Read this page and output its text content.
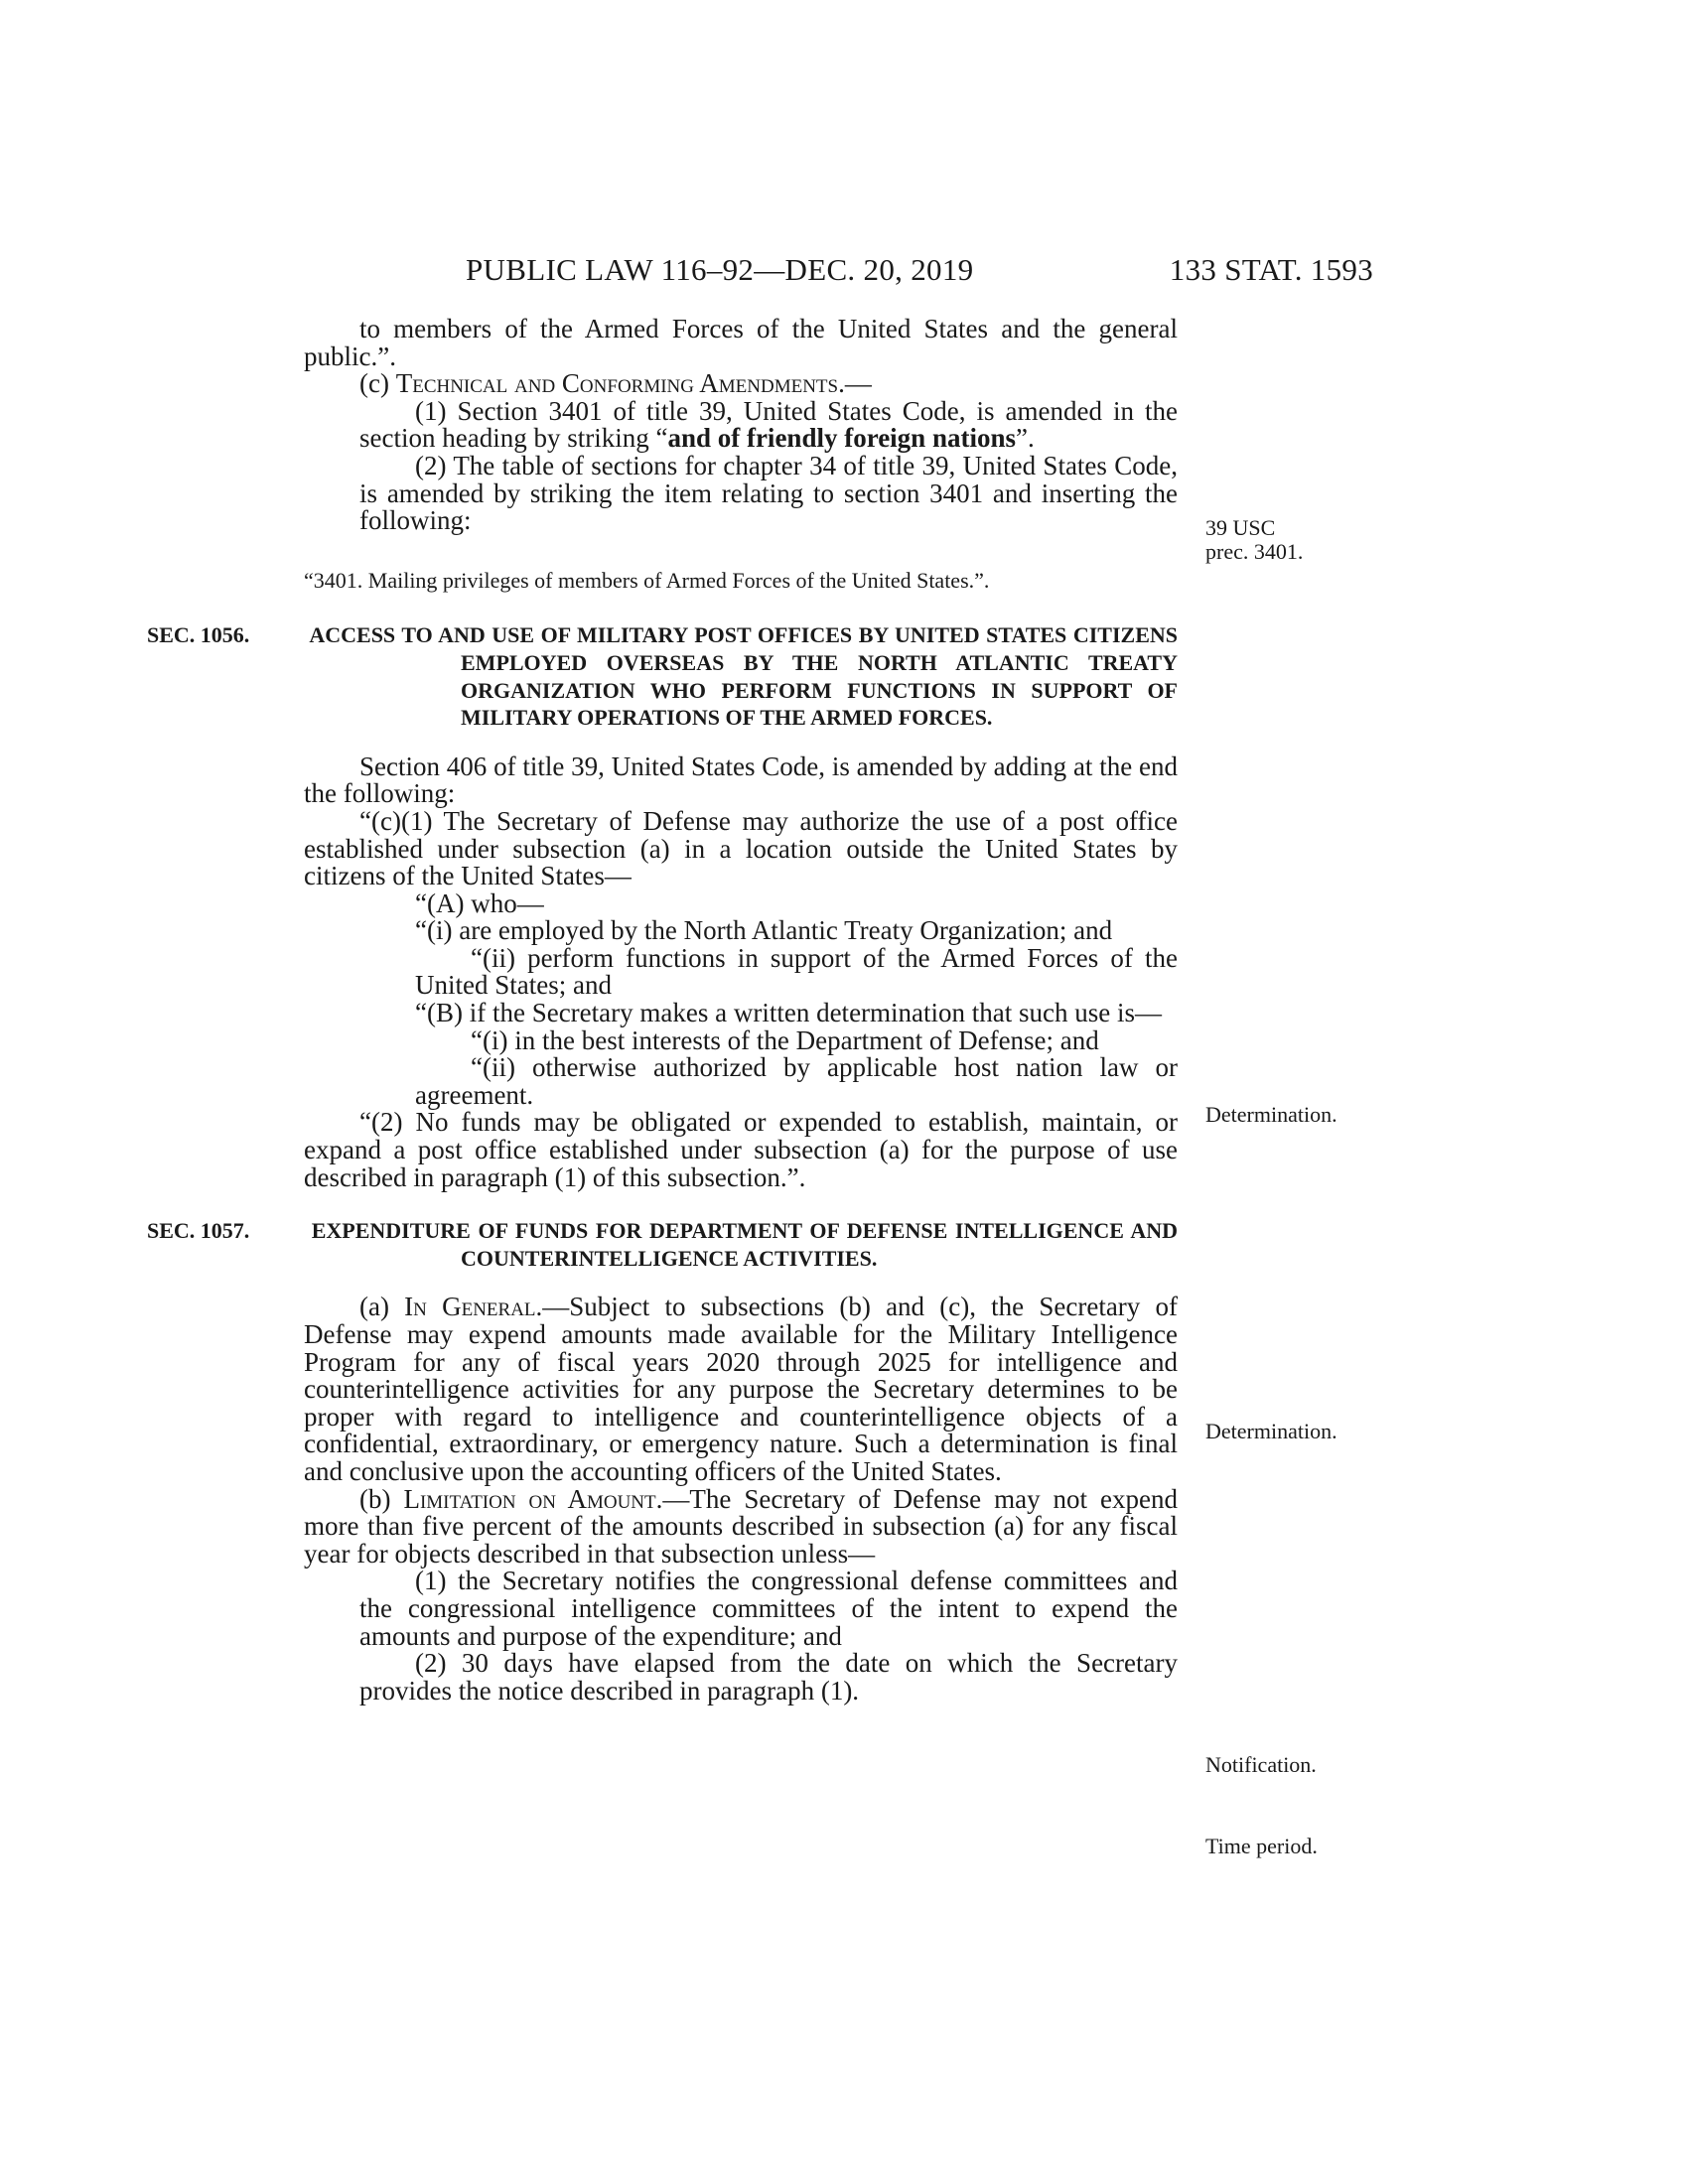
PUBLIC LAW 116–92—DEC. 20, 2019	133 STAT. 1593

to members of the Armed Forces of the United States and the general public.”.

(c) Technical and Conforming Amendments.—

(1) Section 3401 of title 39, United States Code, is amended in the section heading by striking “and of friendly foreign nations”.

(2) The table of sections for chapter 34 of title 39, United States Code, is amended by striking the item relating to section 3401 and inserting the following:

“3401. Mailing privileges of members of Armed Forces of the United States.”.

SEC. 1056.	ACCESS TO AND USE OF MILITARY POST OFFICES BY UNITED STATES CITIZENS EMPLOYED OVERSEAS BY THE NORTH ATLANTIC TREATY ORGANIZATION WHO PERFORM FUNCTIONS IN SUPPORT OF MILITARY OPERATIONS OF THE ARMED FORCES.

Section 406 of title 39, United States Code, is amended by adding at the end the following:

“(c)(1) The Secretary of Defense may authorize the use of a post office established under subsection (a) in a location outside the United States by citizens of the United States—

“(A) who—

“(i) are employed by the North Atlantic Treaty Organization; and

“(ii) perform functions in support of the Armed Forces of the United States; and

“(B) if the Secretary makes a written determination that such use is—

“(i) in the best interests of the Department of Defense; and

“(ii) otherwise authorized by applicable host nation law or agreement.

“(2) No funds may be obligated or expended to establish, maintain, or expand a post office established under subsection (a) for the purpose of use described in paragraph (1) of this subsection.”.

SEC. 1057.	EXPENDITURE OF FUNDS FOR DEPARTMENT OF DEFENSE INTELLIGENCE AND COUNTERINTELLIGENCE ACTIVITIES.

(a) In General.—Subject to subsections (b) and (c), the Secretary of Defense may expend amounts made available for the Military Intelligence Program for any of fiscal years 2020 through 2025 for intelligence and counterintelligence activities for any purpose the Secretary determines to be proper with regard to intelligence and counterintelligence objects of a confidential, extraordinary, or emergency nature. Such a determination is final and conclusive upon the accounting officers of the United States.

(b) Limitation on Amount.—The Secretary of Defense may not expend more than five percent of the amounts described in subsection (a) for any fiscal year for objects described in that subsection unless—

(1) the Secretary notifies the congressional defense committees and the congressional intelligence committees of the intent to expend the amounts and purpose of the expenditure; and

(2) 30 days have elapsed from the date on which the Secretary provides the notice described in paragraph (1).

39 USC
prec. 3401.
Determination.
Determination.
Notification.
Time period.
